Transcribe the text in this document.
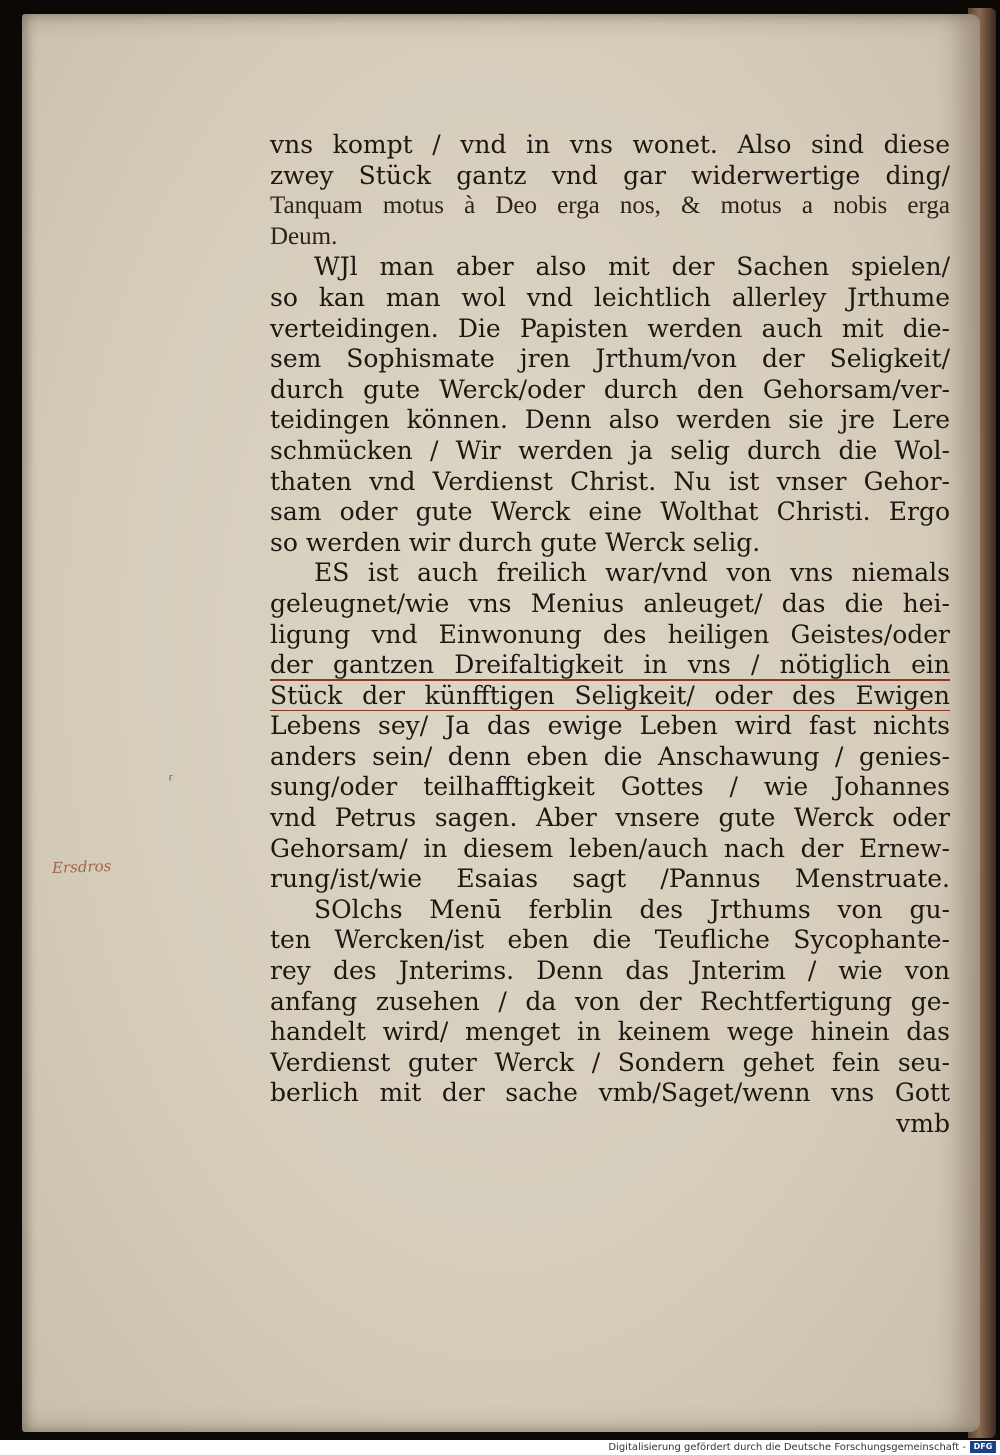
vns kompt / vnd in vns wonet. Also sind diese
zwey Stück gantz vnd gar widerwertige ding/
Tanquam motus à Deo erga nos, & motus a nobis erga
Deum.
WJl man aber also mit der Sachen spielen/
so kan man wol vnd leichtlich allerley Jrthume
verteidingen. Die Papisten werden auch mit die-
sem Sophismate jren Jrthum/von der Seligkeit/
durch gute Werck/oder durch den Gehorsam/ver-
teidingen können. Denn also werden sie jre Lere
schmücken / Wir werden ja selig durch die Wol-
thaten vnd Verdienst Christ. Nu ist vnser Gehor-
sam oder gute Werck eine Wolthat Christi. Ergo
so werden wir durch gute Werck selig.
ES ist auch freilich war/vnd von vns niemals
geleugnet/wie vns Menius anleuget/ das die hei-
ligung vnd Einwonung des heiligen Geistes/oder
der gantzen Dreifaltigkeit in vns / nötiglich ein
Stück der künfftigen Seligkeit/ oder des Ewigen
Lebens sey/ Ja das ewige Leben wird fast nichts
anders sein/ denn eben die Anschawung / genies-
sung/oder teilhafftigkeit Gottes / wie Johannes
vnd Petrus sagen. Aber vnsere gute Werck oder
Gehorsam/ in diesem leben/auch nach der Ernew-
rung/ist/wie Esaias sagt /Pannus Menstruate.
SOlchs Menū ferblin des Jrthums von gu-
ten Wercken/ist eben die Teufliche Sycophante-
rey des Jnterims. Denn das Jnterim / wie von
anfang zusehen / da von der Rechtfertigung ge-
handelt wird/ menget in keinem wege hinein das
Verdienst guter Werck / Sondern gehet fein seu-
berlich mit der sache vmb/Saget/wenn vns Gott
vmb
Ersdros
⸢
Digitalisierung gefördert durch die Deutsche Forschungsgemeinschaft - DFG
